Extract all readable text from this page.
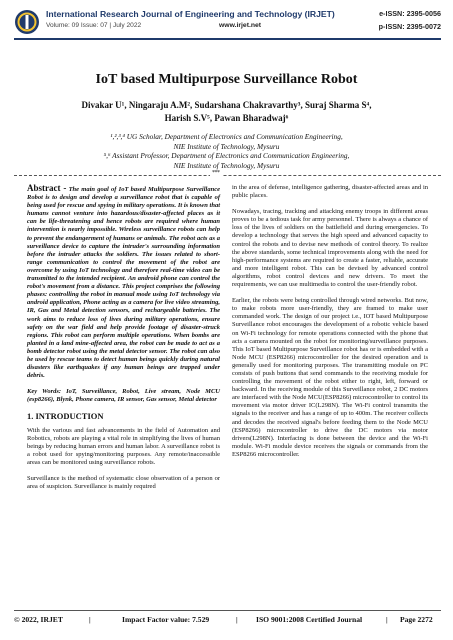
International Research Journal of Engineering and Technology (IRJET)
Volume: 09 Issue: 07 | July 2022	www.irjet.net
e-ISSN: 2395-0056
p-ISSN: 2395-0072
IoT based Multipurpose Surveillance Robot
Divakar U¹, Ningaraju A.M², Sudarshana Chakravarthy³, Suraj Sharma S⁴,
Harish S.V⁵, Pawan Bharadwaj⁶

¹,²,³,⁴ UG Scholar, Department of Electronics and Communication Engineering,

NIE Institute of Technology, Mysuru

⁵,⁶ Assistant Professor, Department of Electronics and Communication Engineering,

NIE Institute of Technology, Mysuru

***

Abstract - The main goal of IoT based Multipurpose Surveillance Robot is to design and develop a surveillance robot that is capable of being used for rescue and spying in military operations. It is known that humans cannot venture into hazardous/disaster-affected places as it can be life-threatening and hence robots are required where human intervention is nearly impossible. Wireless surveillance robots can help to prevent the endangerment of humans or animals. The robot acts as a surveillance device to capture the intruder's surrounding information before the intruder attacks the soldiers. The issues related to short-range communication to control the movement of the robot are overcome by using IoT technology and therefore real-time video can be transmitted to the intended recipient. An android phone can control the robot's movement from a distance. This project comprises the following phases: controlling the robot in manual mode using IoT technology via android application, Phone acting as a camera for live video streaming, IR, Gas and Metal detection sensors, and rechargeable batteries. The work aims to reduce loss of lives during military operations, ensure safety on the war field and help provide footage of disaster-struck regions. This robot can perform multiple operations. When bombs are planted in a land mine-affected area, the robot can be made to act as a bomb detector robot using the metal detector sensor. The robot can also be used by rescue teams to detect human beings quickly during natural disasters like earthquakes if any human beings are trapped under debris.

Key Words: IoT, Surveillance, Robot, Live stream, Node MCU (esp8266), Blynk, Phone camera, IR sensor, Gas sensor, Metal detector

1. INTRODUCTION

With the various and fast advancements in the field of Automation and Robotics, robots are playing a vital role in simplifying the lives of human beings by reducing human errors and human labor. A surveillance robot is a robot used for spying/monitoring purposes. Any remote/inaccessible areas can be monitored using surveillance robots.

Surveillance is the method of systematic close observation of a person or area of suspicion. Surveillance is mainly required

in the area of defense, intelligence gathering, disaster-affected areas and in public places.

Nowadays, tracing, tracking and attacking enemy troops in different areas proves to be a tedious task for army personnel. There is always a chance of loss of the lives of soldiers on the battlefield and during emergencies. To develop a technology that serves the high speed and advanced capacity to control the robots and to devise new methods of control theory. To realize the above standards, some technical improvements along with the need for high-performance systems are required to create a faster, reliable, accurate and more intelligent robot. This can be devised by advanced control algorithms, robot control devices and new drivers. To meet the requirements, we can use multimedia to control the user-friendly robot.

Earlier, the robots were being controlled through wired networks. But now, to make robots more user-friendly, they are framed to make user commanded work. The design of our project i.e., IOT based Multipurpose Surveillance robot encourages the development of a robotic vehicle based on Wi-Fi technology for remote operations connected with the phone that acts a camera mounted on the robot for monitoring/surveillance purposes. This IoT based Multipurpose Surveillance robot has or is embedded with a Node MCU (ESP8266) microcontroller for the desired operation and is generally used for monitoring purposes. The transmitting module on PC consists of push buttons that send commands to the receiving module for controlling the movement of the robot either to right, left, forward or backward. In the receiving module of this Surveillance robot, 2 DC motors are interfaced with the Node MCU(ESP8266) microcontroller to control its movement via motor driver IC(L298N). The Wi-Fi control transmits the signals to the receiver and has a range of up to 400m. The receiver collects and decodes the received signal's before feeding them to the Node MCU (ESP8266) microcontroller to drive the DC motors via motor drivers(L298N). Interfacing is done between the device and the Wi-Fi module. Wi-Fi module device receives the signals or commands from the ESP8266 microcontroller.

© 2022, IRJET	|	Impact Factor value: 7.529	| ISO 9001:2008 Certified Journal	| Page 2272
